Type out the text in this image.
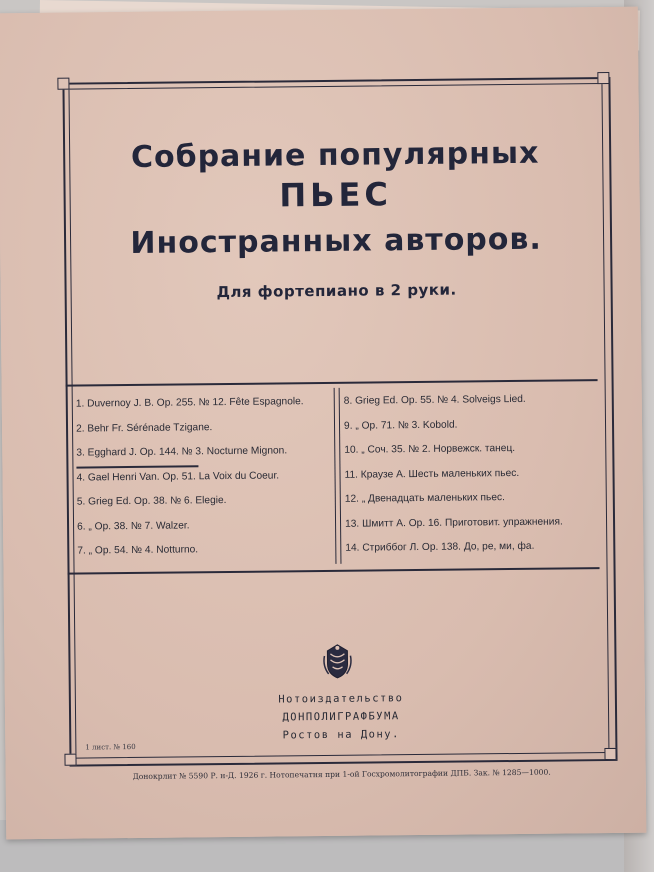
Собрание популярных
ПЬЕС
Иностранных авторов.
Для фортепиано в 2 руки.
1. Duvernoy J. B. Op. 255. № 12. Fête Espagnole.
2. Behr Fr. Sérénade Tzigane.
3. Egghard J. Op. 144. № 3. Nocturne Mignon.
4. Gael Henri Van. Op. 51. La Voix du Coeur.
5. Grieg Ed. Op. 38. № 6. Elegie.
6. „ Op. 38. № 7. Walzer.
7. „ Op. 54. № 4. Notturno.
8. Grieg Ed. Op. 55. № 4. Solveigs Lied.
9. „ Op. 71. № 3. Kobold.
10. „ Соч. 35. № 2. Норвежск. танец.
11. Краузе А. Шесть маленьких пьес.
12. „ Двенадцать маленьких пьес.
13. Шмитт А. Ор. 16. Приготовит. упражнения.
14. Стриббог Л. Ор. 138. До, ре, ми, фа.
Нотоиздательство
ДОНПОЛИГРАФБУМА
Ростов на Дону.
1 лист. № 160
Донокрлит № 5590 Р. н-Д. 1926 г. Нотопечатня при 1-ой Госхромолитографии ДПБ. Зак. № 1285—1000.
